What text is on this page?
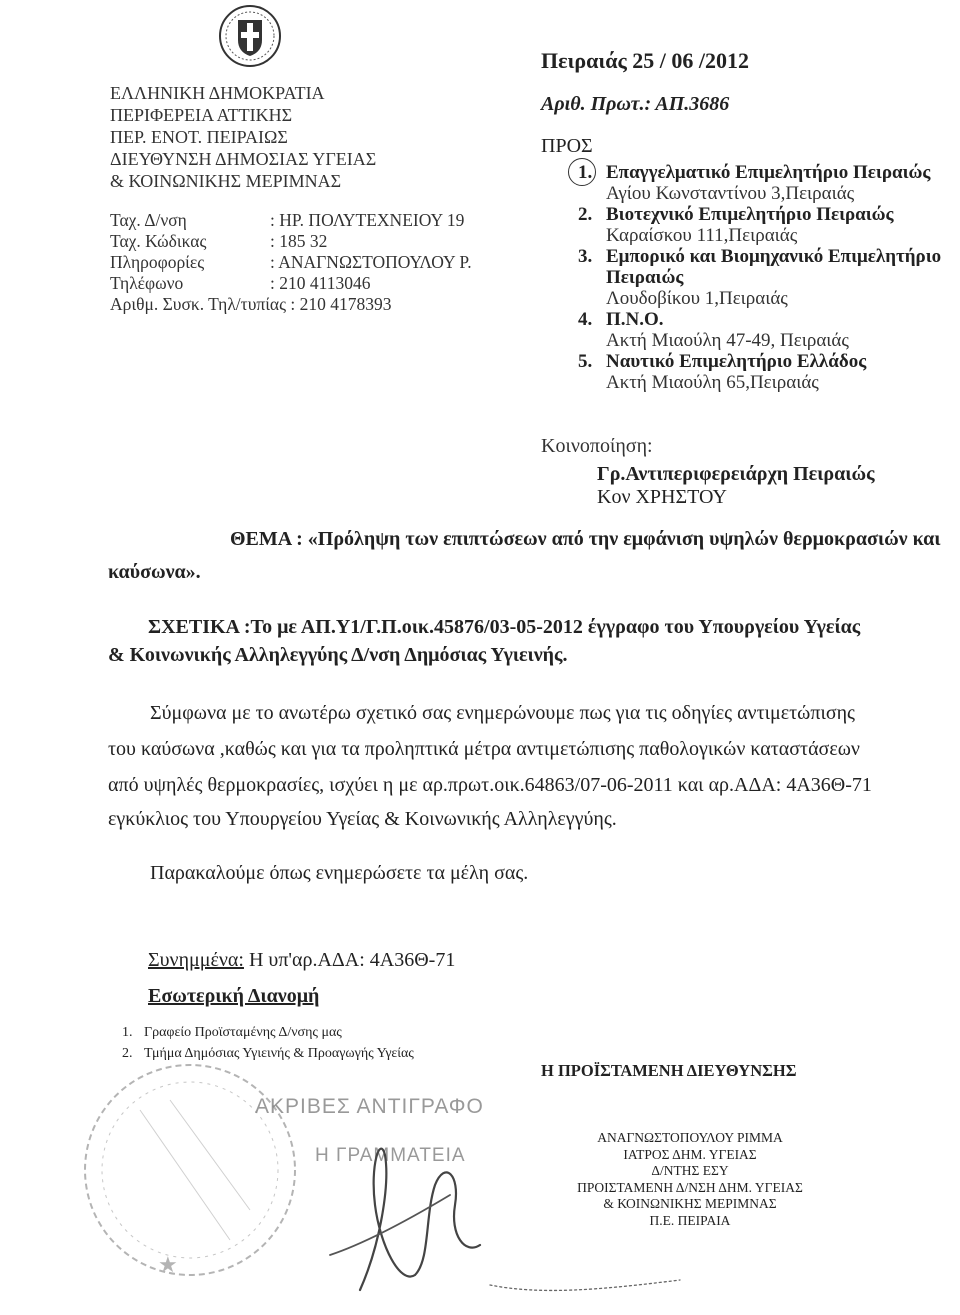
ΕΛΛΗΝΙΚΗ ΔΗΜΟΚΡΑΤΙΑ
ΠΕΡΙΦΕΡΕΙΑ ΑΤΤΙΚΗΣ
ΠΕΡ. ΕΝΟΤ. ΠΕΙΡΑΙΩΣ
ΔΙΕΥΘΥΝΣΗ ΔΗΜΟΣΙΑΣ ΥΓΕΙΑΣ
& ΚΟΙΝΩΝΙΚΗΣ ΜΕΡΙΜΝΑΣ
Ταχ. Δ/νση	: ΗΡ. ΠΟΛΥΤΕΧΝΕΙΟΥ 19
Ταχ. Κώδικας	: 185 32
Πληροφορίες	: ΑΝΑΓΝΩΣΤΟΠΟΥΛΟΥ Ρ.
Τηλέφωνο	: 210 4113046
Αριθμ. Συσκ. Τηλ/τυπίας : 210 4178393
Πειραιάς 25 / 06 /2012
Αριθ. Πρωτ.: ΑΠ.3686
ΠΡΟΣ
1. Επαγγελματικό Επιμελητήριο Πειραιώς
Αγίου Κωνσταντίνου 3,Πειραιάς
2. Βιοτεχνικό Επιμελητήριο Πειραιώς
Καραίσκου 111,Πειραιάς
3. Εμπορικό και Βιομηχανικό Επιμελητήριο
Πειραιώς
Λουδοβίκου 1,Πειραιάς
4. Π.Ν.Ο.
Ακτή Μιαούλη 47-49, Πειραιάς
5. Ναυτικό Επιμελητήριο Ελλάδος
Ακτή Μιαούλη 65,Πειραιάς
Κοινοποίηση:
Γρ.Αντιπεριφερειάρχη Πειραιώς
Κον ΧΡΗΣΤΟΥ
ΘΕΜΑ : «Πρόληψη των επιπτώσεων από την εμφάνιση υψηλών θερμοκρασιών και
καύσωνα».
ΣΧΕΤΙΚΑ :Το με ΑΠ.Υ1/Γ.Π.οικ.45876/03-05-2012 έγγραφο του Υπουργείου Υγείας
& Κοινωνικής Αλληλεγγύης Δ/νση Δημόσιας Υγιεινής.
Σύμφωνα με το ανωτέρω σχετικό σας ενημερώνουμε πως για τις οδηγίες αντιμετώπισης
του καύσωνα ,καθώς και για τα προληπτικά μέτρα αντιμετώπισης παθολογικών καταστάσεων
από υψηλές θερμοκρασίες, ισχύει η με αρ.πρωτ.οικ.64863/07-06-2011 και αρ.ΑΔΑ: 4Α36Θ-71
εγκύκλιος του Υπουργείου Υγείας & Κοινωνικής Αλληλεγγύης.
Παρακαλούμε όπως ενημερώσετε τα μέλη σας.
Συνημμένα: Η υπ'αρ.ΑΔΑ: 4Α36Θ-71
Εσωτερική Διανομή
1. Γραφείο Προϊσταμένης Δ/νσης μας
2. Τμήμα Δημόσιας Υγιεινής & Προαγωγής Υγείας
Η ΠΡΟΪΣΤΑΜΕΝΗ ΔΙΕΥΘΥΝΣΗΣ
ΑΝΑΓΝΩΣΤΟΠΟΥΛΟΥ ΡΙΜΜΑ
ΙΑΤΡΟΣ ΔΗΜ. ΥΓΕΙΑΣ
Δ/ΝΤΗΣ ΕΣΥ
ΠΡΟΙΣΤΑΜΕΝΗ Δ/ΝΣΗ ΔΗΜ. ΥΓΕΙΑΣ
& ΚΟΙΝΩΝΙΚΗΣ ΜΕΡΙΜΝΑΣ
Π.Ε. ΠΕΙΡΑΙΑ
★
ΑΚΡΙΒΕΣ ΑΝΤΙΓΡΑΦΟ
Η ΓΡΑΜΜΑΤΕΙΑ
